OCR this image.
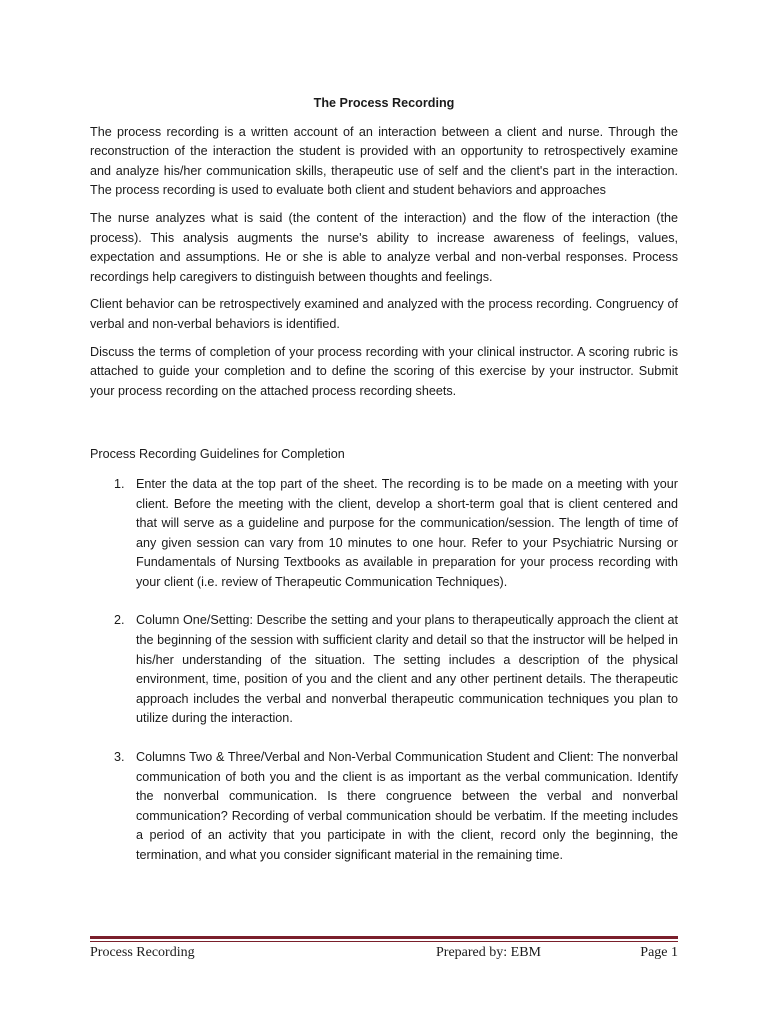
The Process Recording

The process recording is a written account of an interaction between a client and nurse. Through the reconstruction of the interaction the student is provided with an opportunity to retrospectively examine and analyze his/her communication skills, therapeutic use of self and the client's part in the interaction. The process recording is used to evaluate both client and student behaviors and approaches

The nurse analyzes what is said (the content of the interaction) and the flow of the interaction (the process). This analysis augments the nurse's ability to increase awareness of feelings, values, expectation and assumptions. He or she is able to analyze verbal and non-verbal responses. Process recordings help caregivers to distinguish between thoughts and feelings.

Client behavior can be retrospectively examined and analyzed with the process recording. Congruency of verbal and non-verbal behaviors is identified.

Discuss the terms of completion of your process recording with your clinical instructor. A scoring rubric is attached to guide your completion and to define the scoring of this exercise by your instructor. Submit your process recording on the attached process recording sheets.

Process Recording Guidelines for Completion
1. Enter the data at the top part of the sheet. The recording is to be made on a meeting with your client. Before the meeting with the client, develop a short-term goal that is client centered and that will serve as a guideline and purpose for the communication/session. The length of time of any given session can vary from 10 minutes to one hour. Refer to your Psychiatric Nursing or Fundamentals of Nursing Textbooks as available in preparation for your process recording with your client (i.e. review of Therapeutic Communication Techniques).
2. Column One/Setting: Describe the setting and your plans to therapeutically approach the client at the beginning of the session with sufficient clarity and detail so that the instructor will be helped in his/her understanding of the situation. The setting includes a description of the physical environment, time, position of you and the client and any other pertinent details. The therapeutic approach includes the verbal and nonverbal therapeutic communication techniques you plan to utilize during the interaction.
3. Columns Two & Three/Verbal and Non-Verbal Communication Student and Client: The nonverbal communication of both you and the client is as important as the verbal communication. Identify the nonverbal communication. Is there congruence between the verbal and nonverbal communication? Recording of verbal communication should be verbatim. If the meeting includes a period of an activity that you participate in with the client, record only the beginning, the termination, and what you consider significant material in the remaining time.
Process Recording	Prepared by: EBM	Page 1
